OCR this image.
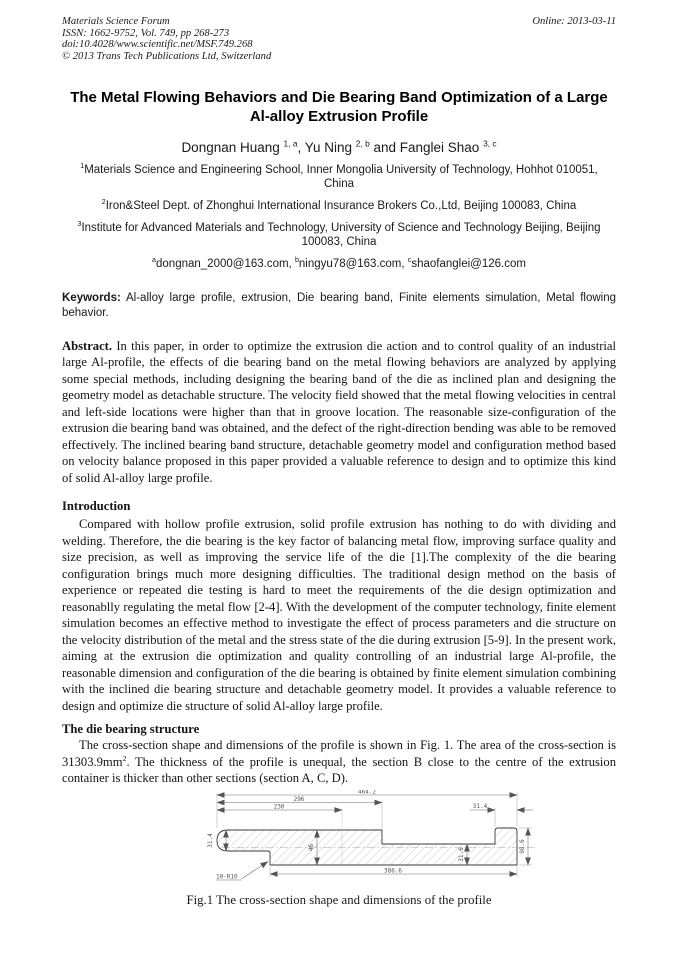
Materials Science Forum
ISSN: 1662-9752, Vol. 749, pp 268-273
doi:10.4028/www.scientific.net/MSF.749.268
© 2013 Trans Tech Publications Ltd, Switzerland
Online: 2013-03-11
The Metal Flowing Behaviors and Die Bearing Band Optimization of a Large Al-alloy Extrusion Profile
Dongnan Huang $^{1, a}$, Yu Ning $^{2, b}$ and Fanglei Shao $^{3, c}$
$^1$Materials Science and Engineering School, Inner Mongolia University of Technology, Hohhot 010051, China
$^2$Iron&Steel Dept. of Zhonghui International Insurance Brokers Co.,Ltd, Beijing 100083, China
$^3$Institute for Advanced Materials and Technology, University of Science and Technology Beijing, Beijing 100083, China
$^a$dongnan_2000@163.com, $^b$ningyu78@163.com, $^c$shaofanglei@126.com
Keywords: Al-alloy large profile, extrusion, Die bearing band, Finite elements simulation, Metal flowing behavior.

Abstract. In this paper, in order to optimize the extrusion die action and to control quality of an industrial large Al-profile, the effects of die bearing band on the metal flowing behaviors are analyzed by applying some special methods, including designing the bearing band of the die as inclined plan and designing the geometry model as detachable structure. The velocity field showed that the metal flowing velocities in central and left-side locations were higher than that in groove location. The reasonable size-configuration of the extrusion die bearing band was obtained, and the defect of the right-direction bending was able to be removed effectively. The inclined bearing band structure, detachable geometry model and configuration method based on velocity balance proposed in this paper provided a valuable reference to design and to optimize this kind of solid Al-alloy large profile.

Introduction

Compared with hollow profile extrusion, solid profile extrusion has nothing to do with dividing and welding. Therefore, the die bearing is the key factor of balancing metal flow, improving surface quality and size precision, as well as improving the service life of the die [1].The complexity of the die bearing configuration brings much more designing difficulties. The traditional design method on the basis of experience or repeated die testing is hard to meet the requirements of the die design optimization and reasonablly regulating the metal flow [2-4]. With the development of the computer technology, finite element simulation becomes an effective method to investigate the effect of process parameters and die structure on the velocity distribution of the metal and the stress state of the die during extrusion [5-9]. In the present work, aiming at the extrusion die optimization and quality controlling of an industrial large Al-profile, the reasonable dimension and configuration of the die bearing is obtained by finite element simulation combining with the inclined die bearing structure and detachable geometry model. It provides a valuable reference to design and optimize die structure of solid Al-alloy large profile.

The die bearing structure

The cross-section shape and dimensions of the profile is shown in Fig. 1. The area of the cross-section is $31303.9mm^2$. The thickness of the profile is unequal, the section B close to the centre of the extrusion container is thicker than other sections (section A, C, D).

464.2
296
230	31.4
31.6
98.6
31.4	46
10-R10
386.6
Fig.1 The cross-section shape and dimensions of the profile
